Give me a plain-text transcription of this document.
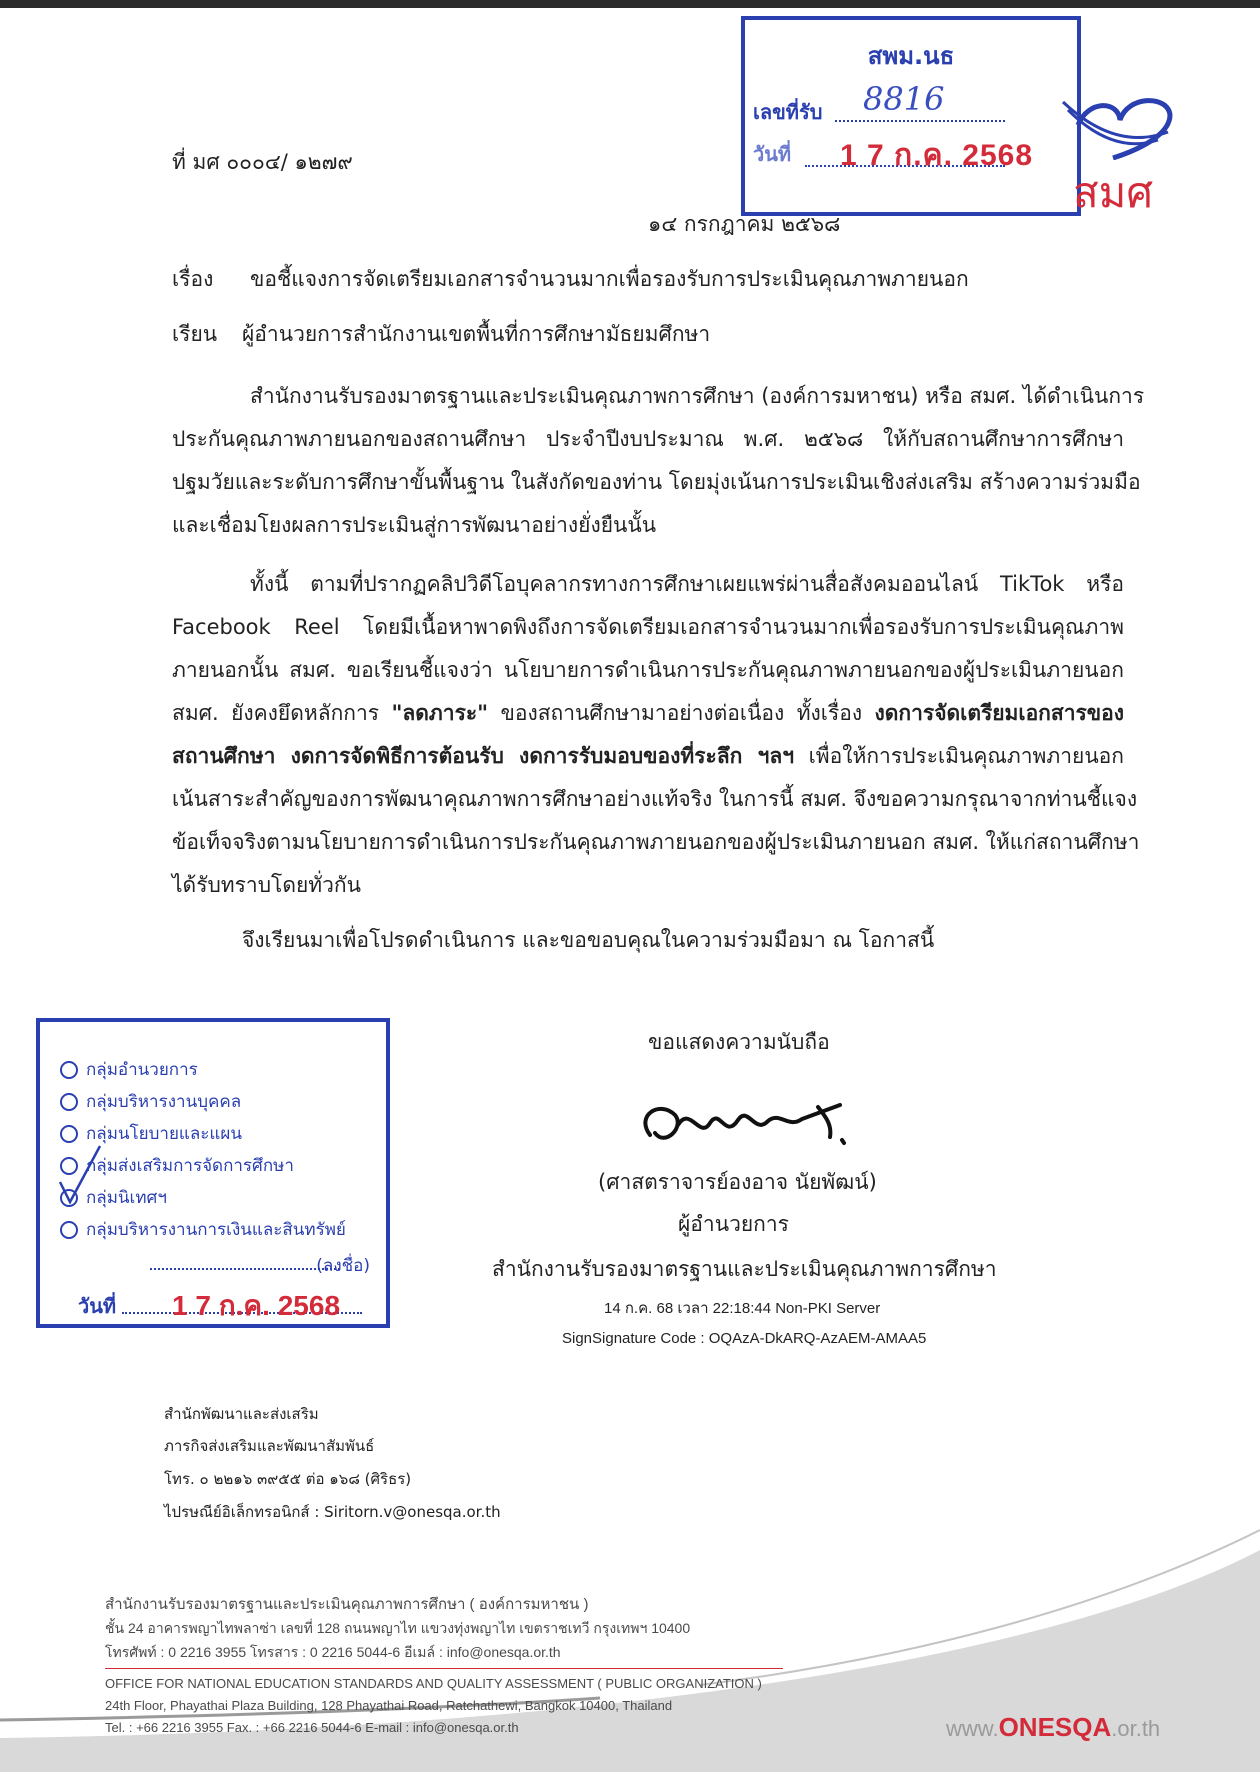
สพม.นธ
เลขที่รับ 8816
วันที่ 1 7 ก.ค. 2568
สมศ
ที่ มศ ๐๐๐๔/ ๑๒๗๙
๑๔ กรกฎาคม ๒๕๖๘
เรื่อง ขอชี้แจงการจัดเตรียมเอกสารจำนวนมากเพื่อรองรับการประเมินคุณภาพภายนอก
เรียน ผู้อำนวยการสำนักงานเขตพื้นที่การศึกษามัธยมศึกษา
สำนักงานรับรองมาตรฐานและประเมินคุณภาพการศึกษา (องค์การมหาชน) หรือ สมศ. ได้ดำเนินการ
ประกันคุณภาพภายนอกของสถานศึกษา ประจำปีงบประมาณ พ.ศ. ๒๕๖๘ ให้กับสถานศึกษาการศึกษา
ปฐมวัยและระดับการศึกษาขั้นพื้นฐาน ในสังกัดของท่าน โดยมุ่งเน้นการประเมินเชิงส่งเสริม สร้างความร่วมมือ
และเชื่อมโยงผลการประเมินสู่การพัฒนาอย่างยั่งยืนนั้น
ทั้งนี้ ตามที่ปรากฏคลิปวิดีโอบุคลากรทางการศึกษาเผยแพร่ผ่านสื่อสังคมออนไลน์ TikTok หรือ
Facebook Reel โดยมีเนื้อหาพาดพิงถึงการจัดเตรียมเอกสารจำนวนมากเพื่อรองรับการประเมินคุณภาพ
ภายนอกนั้น สมศ. ขอเรียนชี้แจงว่า นโยบายการดำเนินการประกันคุณภาพภายนอกของผู้ประเมินภายนอก
สมศ. ยังคงยึดหลักการ "ลดภาระ" ของสถานศึกษามาอย่างต่อเนื่อง ทั้งเรื่อง งดการจัดเตรียมเอกสารของ
สถานศึกษา งดการจัดพิธีการต้อนรับ งดการรับมอบของที่ระลึก ฯลฯ เพื่อให้การประเมินคุณภาพภายนอก
เน้นสาระสำคัญของการพัฒนาคุณภาพการศึกษาอย่างแท้จริง ในการนี้ สมศ. จึงขอความกรุณาจากท่านชี้แจง
ข้อเท็จจริงตามนโยบายการดำเนินการประกันคุณภาพภายนอกของผู้ประเมินภายนอก สมศ. ให้แก่สถานศึกษา
ได้รับทราบโดยทั่วกัน
จึงเรียนมาเพื่อโปรดดำเนินการ และขอขอบคุณในความร่วมมือมา ณ โอกาสนี้
กลุ่มอำนวยการ
กลุ่มบริหารงานบุคคล
กลุ่มนโยบายและแผน
กลุ่มส่งเสริมการจัดการศึกษา
กลุ่มนิเทศฯ
กลุ่มบริหารงานการเงินและสินทรัพย์
(ลงชื่อ)
วันที่ 1 7 ก.ค. 2568
ขอแสดงความนับถือ
(ศาสตราจารย์องอาจ นัยพัฒน์)
ผู้อำนวยการ
สำนักงานรับรองมาตรฐานและประเมินคุณภาพการศึกษา
14 ก.ค. 68 เวลา 22:18:44 Non-PKI Server
SignSignature Code : OQAzA-DkARQ-AzAEM-AMAA5
สำนักพัฒนาและส่งเสริม
ภารกิจส่งเสริมและพัฒนาสัมพันธ์
โทร. ๐ ๒๒๑๖ ๓๙๕๕ ต่อ ๑๖๘ (ศิริธร)
ไปรษณีย์อิเล็กทรอนิกส์ : Siritorn.v@onesqa.or.th
สำนักงานรับรองมาตรฐานและประเมินคุณภาพการศึกษา ( องค์การมหาชน )
ชั้น 24 อาคารพญาไทพลาซ่า เลขที่ 128 ถนนพญาไท แขวงทุ่งพญาไท เขตราชเทวี กรุงเทพฯ 10400
โทรศัพท์ : 0 2216 3955 โทรสาร : 0 2216 5044-6 อีเมล์ : info@onesqa.or.th
OFFICE FOR NATIONAL EDUCATION STANDARDS AND QUALITY ASSESSMENT ( PUBLIC ORGANIZATION )
24th Floor, Phayathai Plaza Building, 128 Phayathai Road, Ratchathewi, Bangkok 10400, Thailand
Tel. : +66 2216 3955 Fax. : +66 2216 5044-6 E-mail : info@onesqa.or.th	www.ONESQA.or.th
